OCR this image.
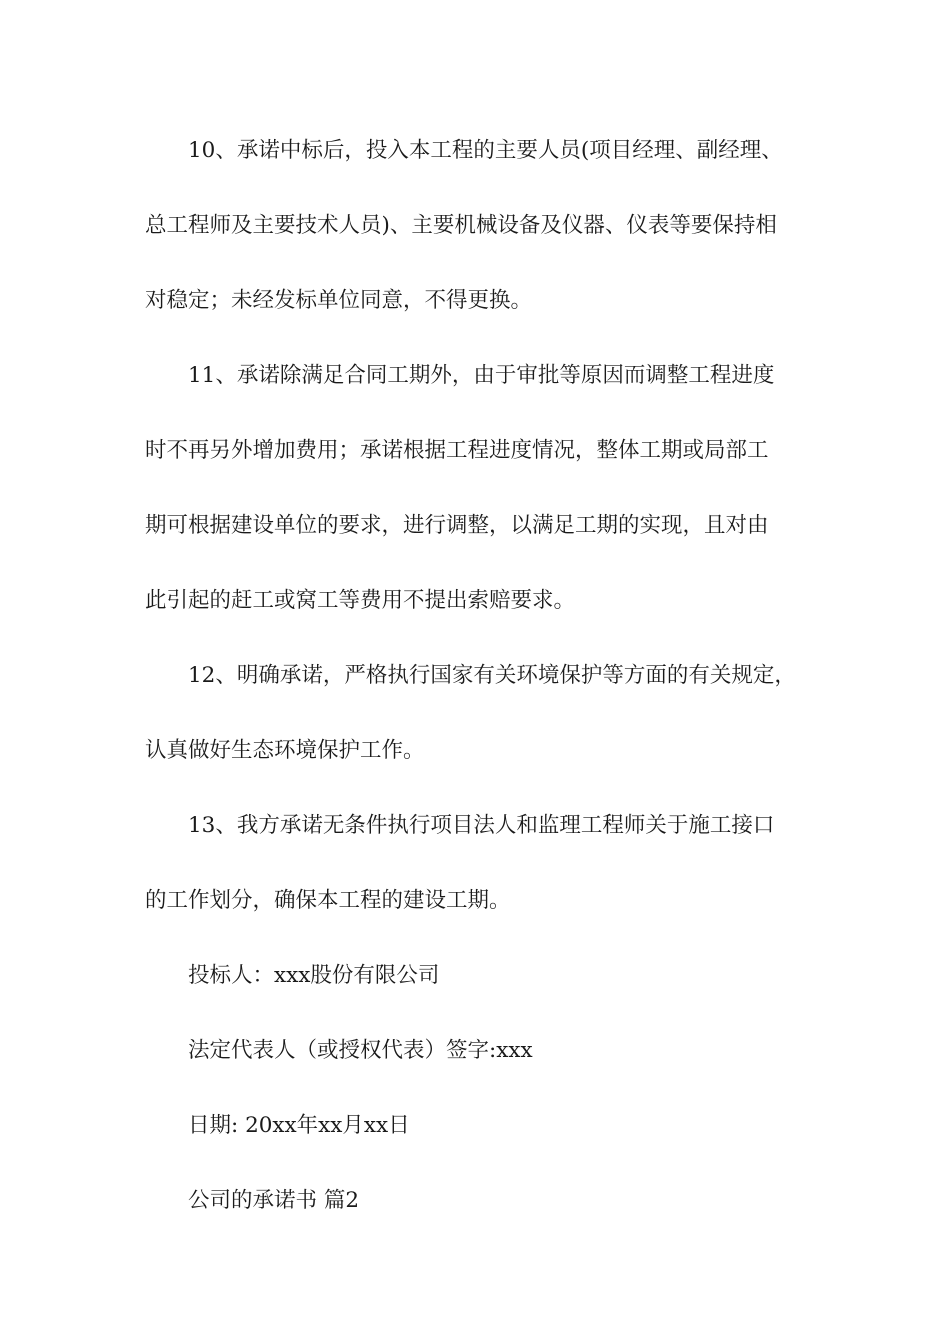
10、承诺中标后，投入本工程的主要人员(项目经理、副经理、
总工程师及主要技术人员)、主要机械设备及仪器、仪表等要保持相
对稳定；未经发标单位同意，不得更换。
11、承诺除满足合同工期外，由于审批等原因而调整工程进度
时不再另外增加费用；承诺根据工程进度情况，整体工期或局部工
期可根据建设单位的要求，进行调整，以满足工期的实现，且对由
此引起的赶工或窝工等费用不提出索赔要求。
12、明确承诺，严格执行国家有关环境保护等方面的有关规定，
认真做好生态环境保护工作。
13、我方承诺无条件执行项目法人和监理工程师关于施工接口
的工作划分，确保本工程的建设工期。
投标人：xxx股份有限公司
法定代表人（或授权代表）签字:xxx
日期: 20xx年xx月xx日
公司的承诺书 篇2
